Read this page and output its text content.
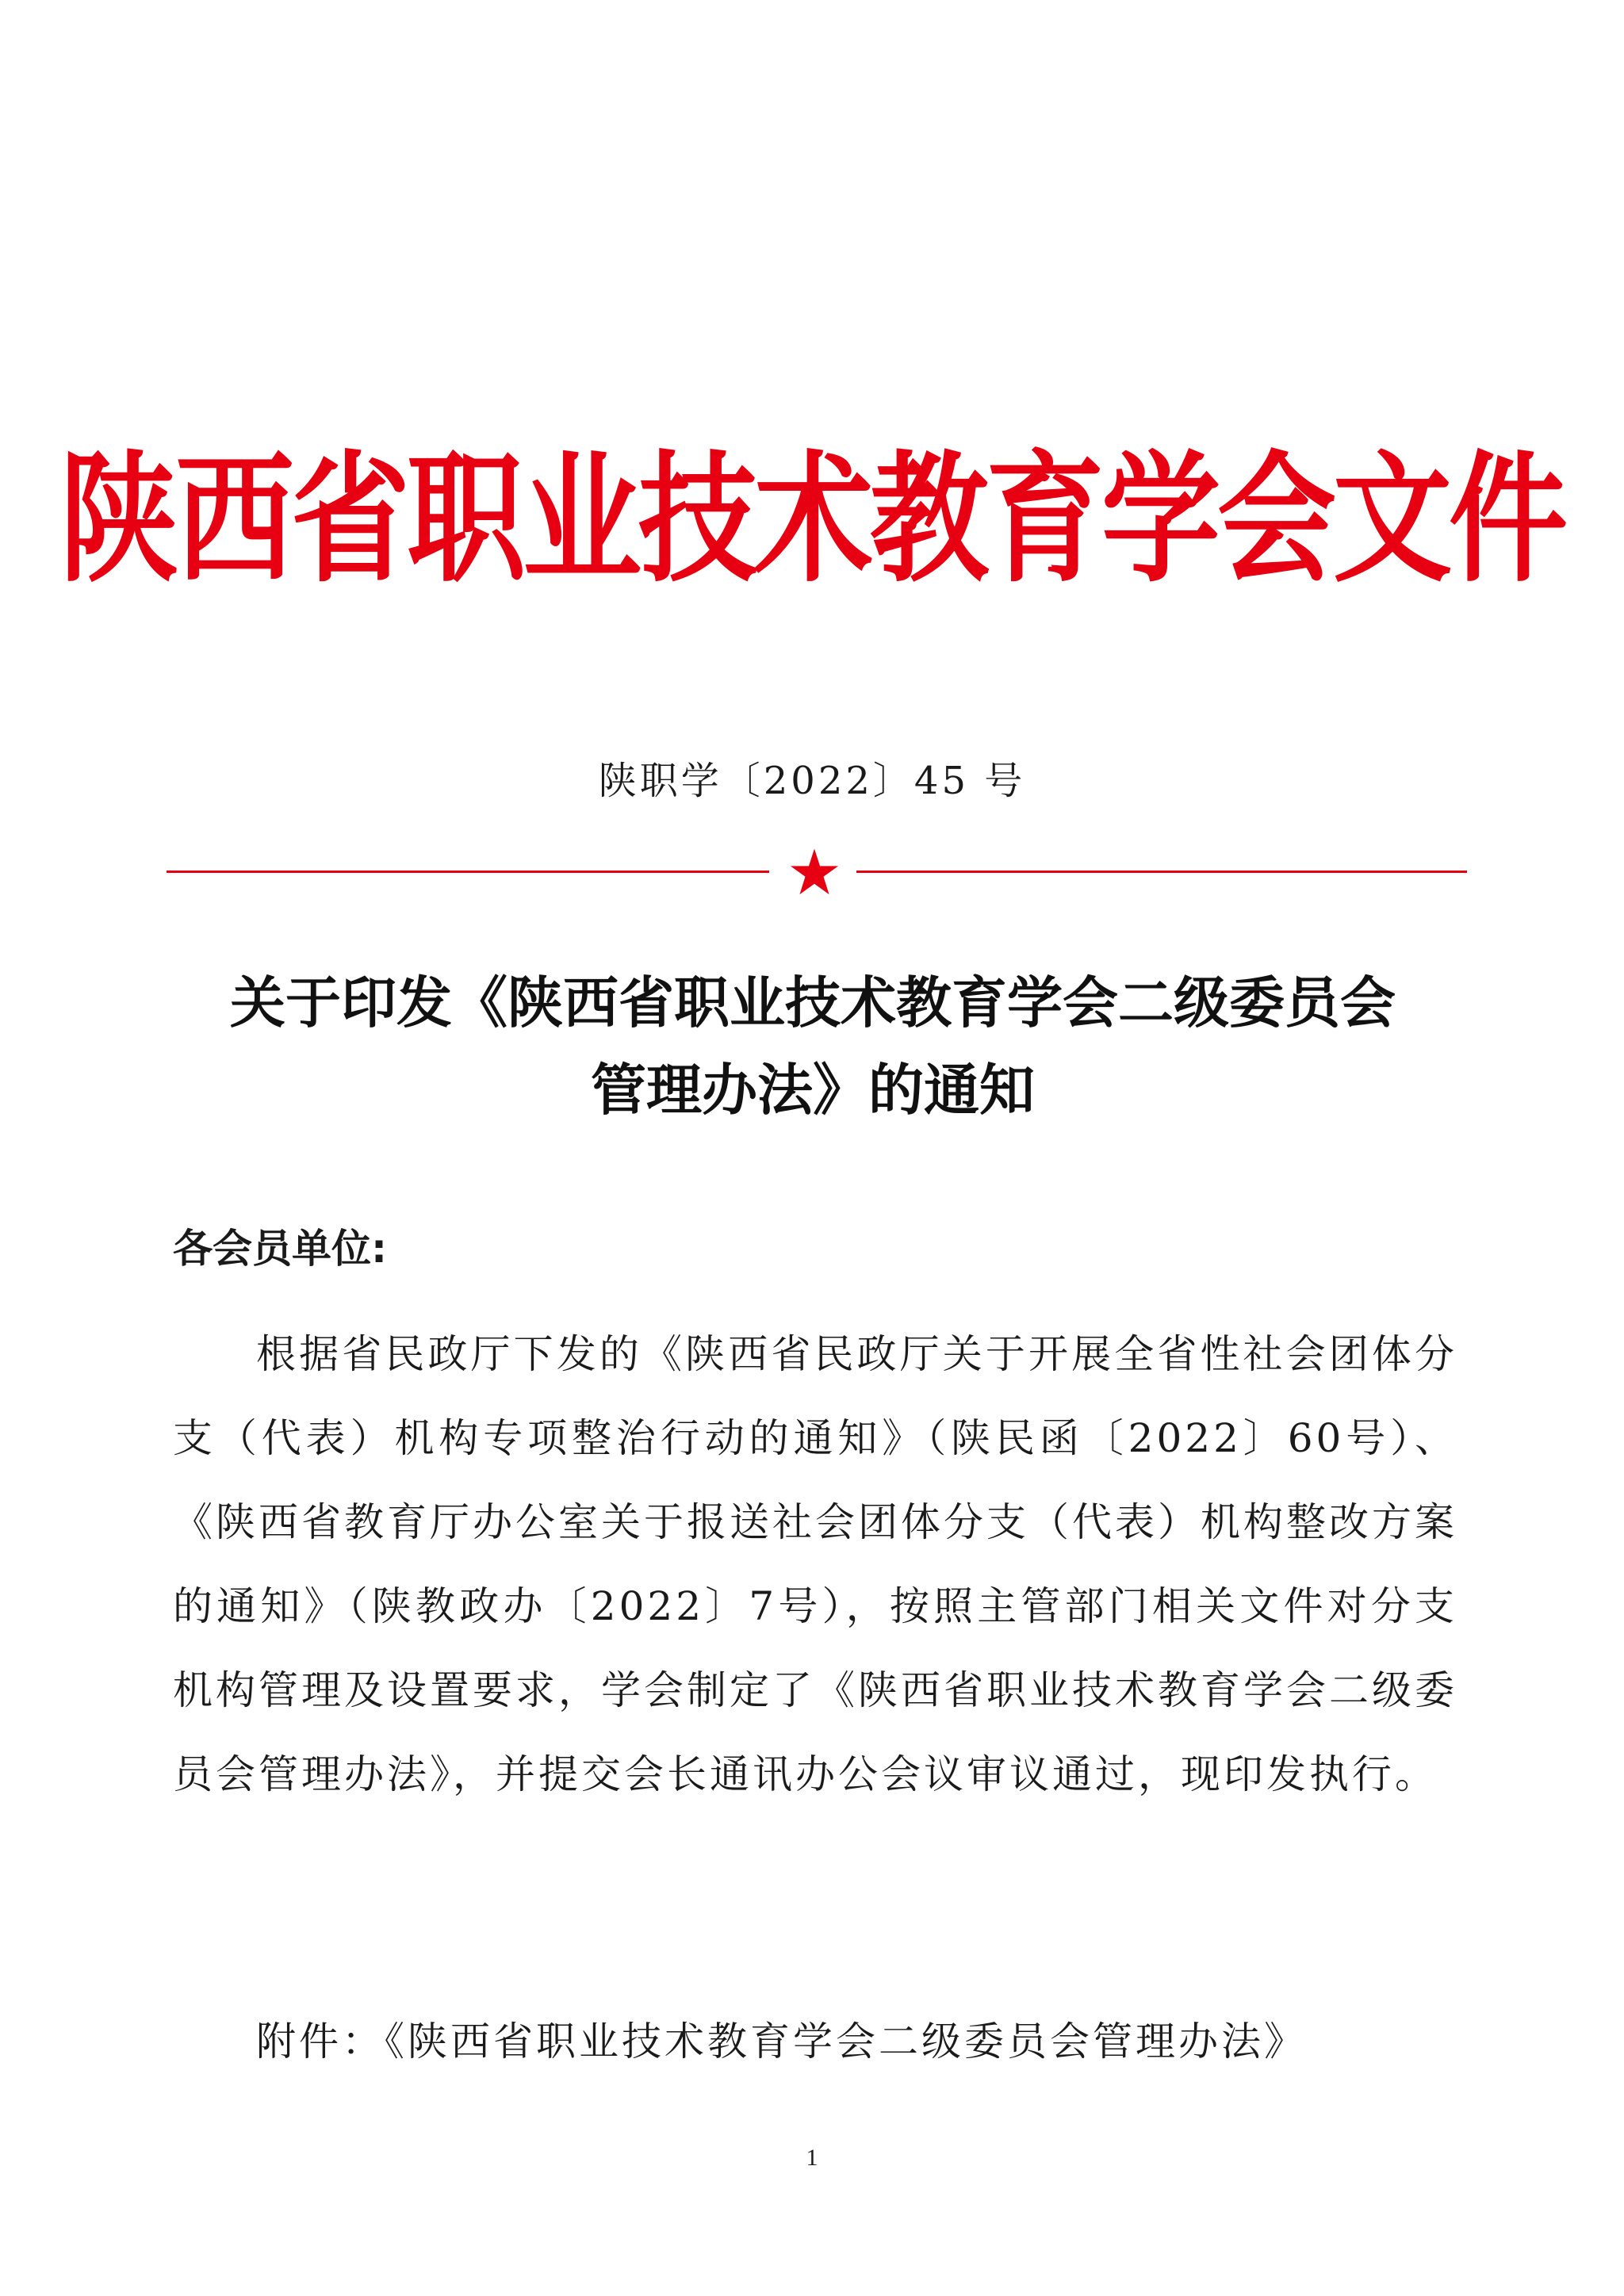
陕西省职业技术教育学会文件
陕职学〔2022〕45 号
关于印发《陕西省职业技术教育学会二级委员会
管理办法》的通知
各会员单位:
根据省民政厅下发的《陕西省民政厅关于开展全省性社会团体分支（代表）机构专项整治行动的通知》（陕民函〔2022〕60号）、《陕西省教育厅办公室关于报送社会团体分支（代表）机构整改方案的通知》（陕教政办〔2022〕7号），按照主管部门相关文件对分支机构管理及设置要求，学会制定了《陕西省职业技术教育学会二级委员会管理办法》，并提交会长通讯办公会议审议通过，现印发执行。
附件：《陕西省职业技术教育学会二级委员会管理办法》
1
